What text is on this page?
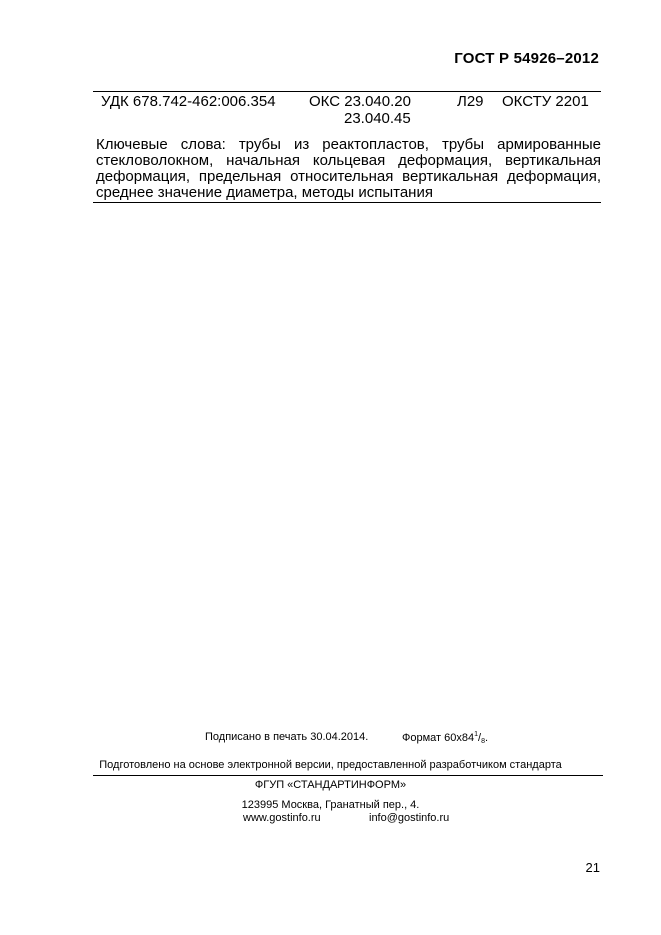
ГОСТ Р 54926–2012
УДК 678.742-462:006.354 ОКС 23.040.20
23.040.45
Л29 ОКСТУ 2201
Ключевые слова: трубы из реактопластов, трубы армированные стекловолокном, начальная кольцевая деформация, вертикальная деформация, предельная относительная вертикальная деформация, среднее значение диаметра, методы испытания
Подписано в печать 30.04.2014.	Формат $60х84^1/_8$.
Подготовлено на основе электронной версии, предоставленной разработчиком стандарта
ФГУП «СТАНДАРТИНФОРМ»
123995 Москва, Гранатный пер., 4.
www.gostinfo.ru	info@gostinfo.ru
21
